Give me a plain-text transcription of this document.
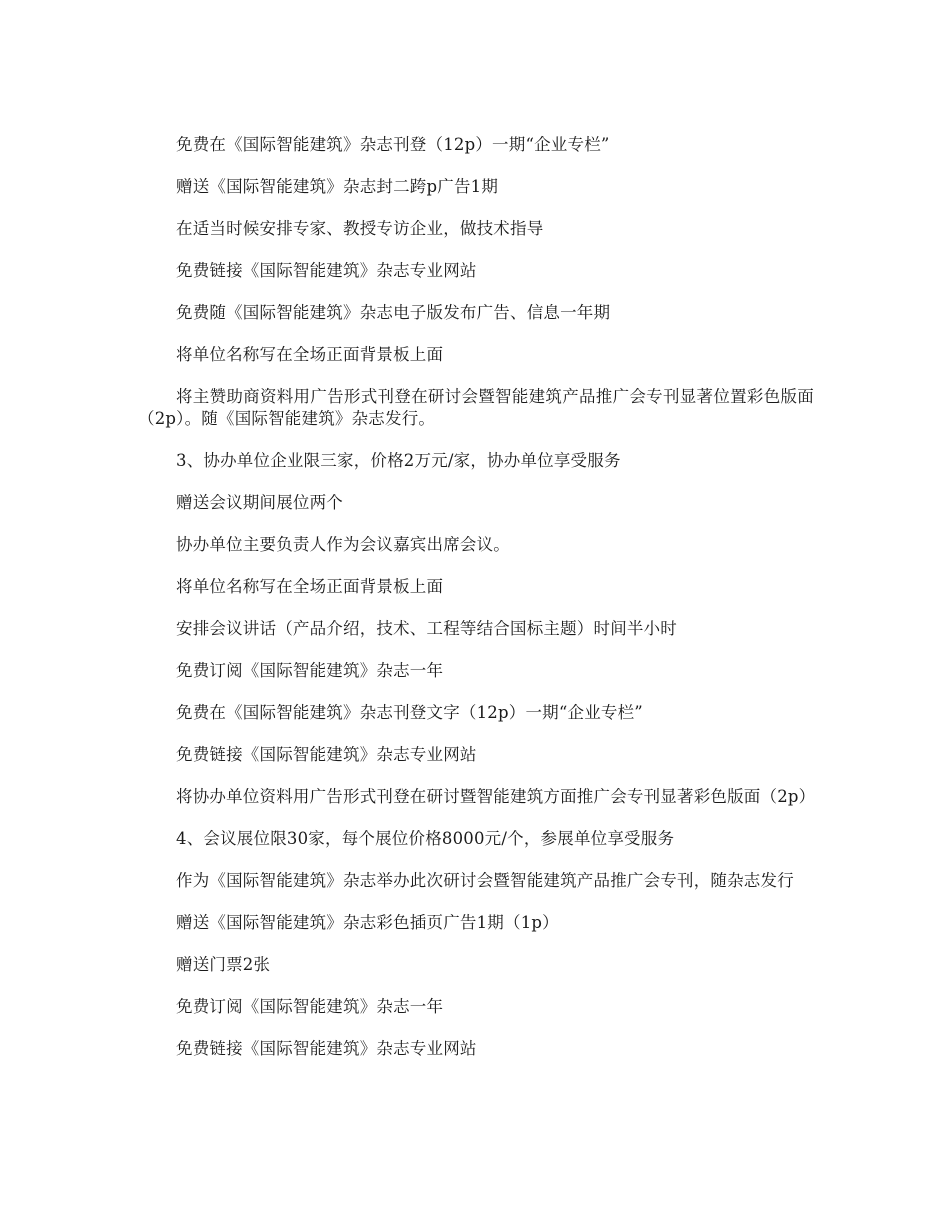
免费在《国际智能建筑》杂志刊登（12p）一期“企业专栏”

赠送《国际智能建筑》杂志封二跨p广告1期

在适当时候安排专家、教授专访企业，做技术指导

免费链接《国际智能建筑》杂志专业网站

免费随《国际智能建筑》杂志电子版发布广告、信息一年期

将单位名称写在全场正面背景板上面

将主赞助商资料用广告形式刊登在研讨会暨智能建筑产品推广会专刊显著位置彩色版面（2p）。随《国际智能建筑》杂志发行。

3、协办单位企业限三家，价格2万元/家，协办单位享受服务

赠送会议期间展位两个

协办单位主要负责人作为会议嘉宾出席会议。

将单位名称写在全场正面背景板上面

安排会议讲话（产品介绍，技术、工程等结合国标主题）时间半小时

免费订阅《国际智能建筑》杂志一年

免费在《国际智能建筑》杂志刊登文字（12p）一期“企业专栏”

免费链接《国际智能建筑》杂志专业网站

将协办单位资料用广告形式刊登在研讨暨智能建筑方面推广会专刊显著彩色版面（2p）

4、会议展位限30家，每个展位价格8000元/个，参展单位享受服务

作为《国际智能建筑》杂志举办此次研讨会暨智能建筑产品推广会专刊，随杂志发行

赠送《国际智能建筑》杂志彩色插页广告1期（1p）

赠送门票2张

免费订阅《国际智能建筑》杂志一年

免费链接《国际智能建筑》杂志专业网站
